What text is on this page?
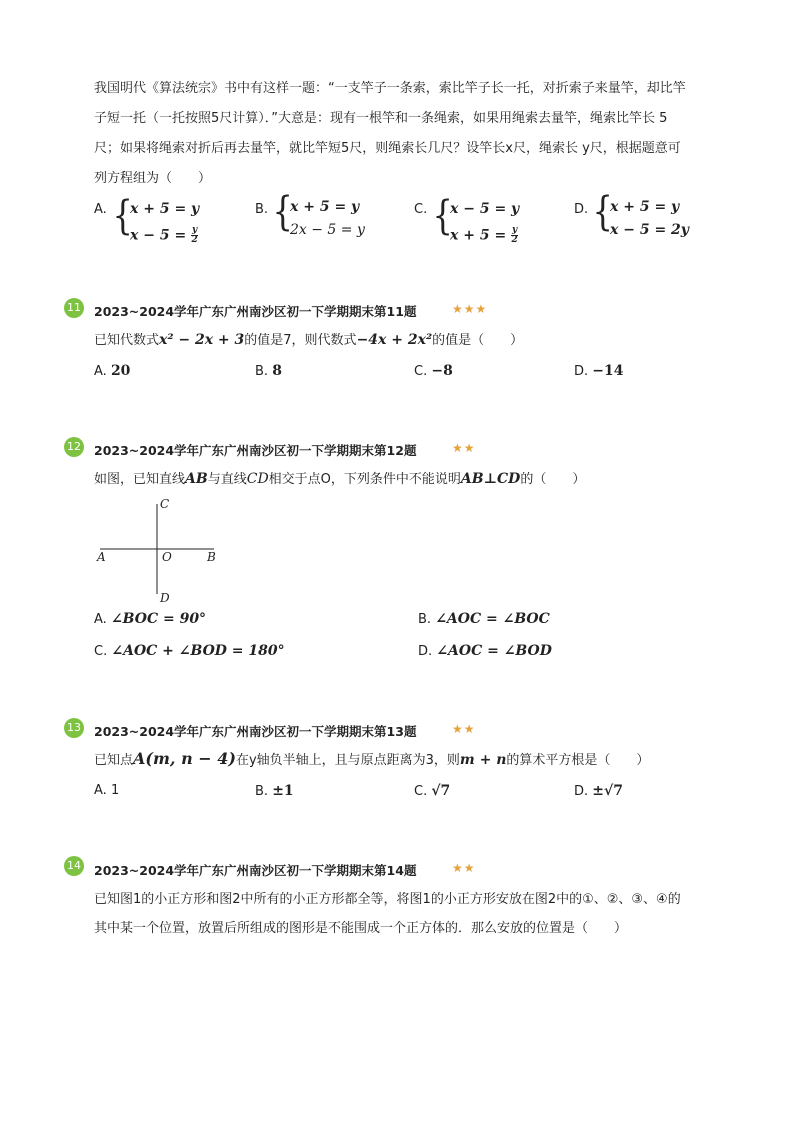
我国明代《算法统宗》书中有这样一题：“一支竿子一条索，索比竿子长一托，对折索子来量竿，却比竿
子短一托（一托按照5尺计算）．”大意是：现有一根竿和一条绳索，如果用绳索去量竿，绳索比竿长 5
尺；如果将绳索对折后再去量竿，就比竿短5尺，则绳索长几尺？设竿长x尺，绳索长 y尺，根据题意可
列方程组为（　　）
A. {
x + 5 = y
$x - 5 = \frac{y}{2}$
B. {
x + 5 = y
2x − 5 = y
C. {
x − 5 = y
$x + 5 = \frac{y}{2}$
D. {
x + 5 = y
x − 5 = 2y
11 2023~2024学年广东广州南沙区初一下学期期末第11题	★★★
已知代数式x² − 2x + 3的值是7，则代数式−4x + 2x²的值是（　　）
A. 20	B. 8	C. −8	D. −14
12 2023~2024学年广东广州南沙区初一下学期期末第12题	★★
如图，已知直线AB与直线CD相交于点O，下列条件中不能说明AB⊥CD的（　　）
C
A	O	B
D
A. ∠BOC = 90°	B. ∠AOC = ∠BOC
C. ∠AOC + ∠BOD = 180°	D. ∠AOC = ∠BOD
13 2023~2024学年广东广州南沙区初一下学期期末第13题	★★
已知点A(m, n − 4)在y轴负半轴上，且与原点距离为3，则m + n的算术平方根是（　　）
A. 1	B. ±1	C. √7	D. ±√7
14 2023~2024学年广东广州南沙区初一下学期期末第14题	★★
已知图1的小正方形和图2中所有的小正方形都全等，将图1的小正方形安放在图2中的①、②、③、④的
其中某一个位置，放置后所组成的图形是不能围成一个正方体的．那么安放的位置是（　　）
